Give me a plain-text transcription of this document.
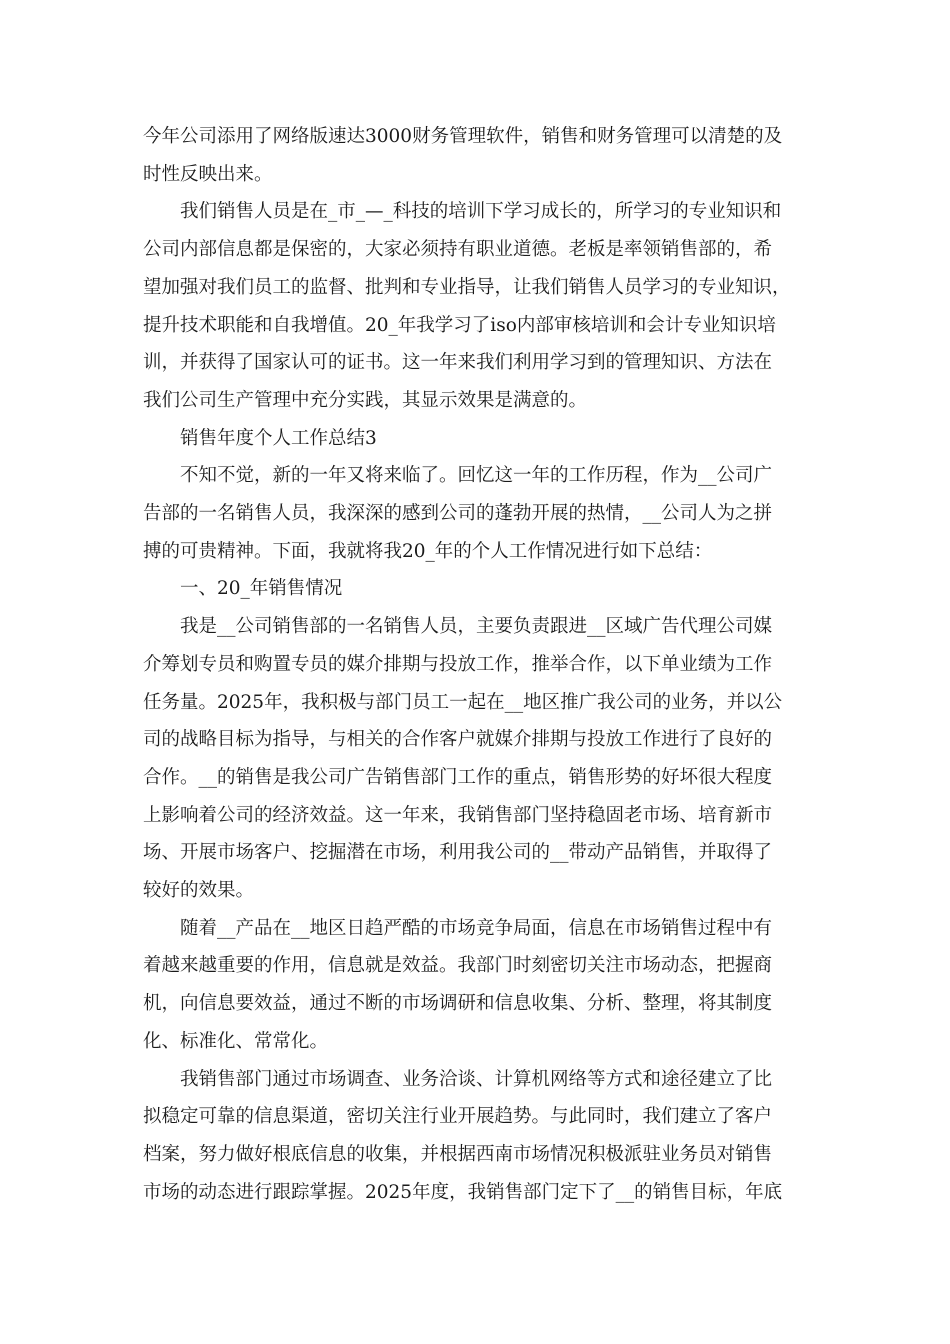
今年公司添用了网络版速达3000财务管理软件，销售和财务管理可以清楚的及
时性反映出来。
我们销售人员是在_市_—_科技的培训下学习成长的，所学习的专业知识和
公司内部信息都是保密的，大家必须持有职业道德。老板是率领销售部的，希
望加强对我们员工的监督、批判和专业指导，让我们销售人员学习的专业知识，
提升技术职能和自我增值。20_年我学习了iso内部审核培训和会计专业知识培
训，并获得了国家认可的证书。这一年来我们利用学习到的管理知识、方法在
我们公司生产管理中充分实践，其显示效果是满意的。
销售年度个人工作总结3
不知不觉，新的一年又将来临了。回忆这一年的工作历程，作为__公司广
告部的一名销售人员，我深深的感到公司的蓬勃开展的热情，__公司人为之拼
搏的可贵精神。下面，我就将我20_年的个人工作情况进行如下总结：
一、20_年销售情况
我是__公司销售部的一名销售人员，主要负责跟进__区域广告代理公司媒
介筹划专员和购置专员的媒介排期与投放工作，推举合作，以下单业绩为工作
任务量。2025年，我积极与部门员工一起在__地区推广我公司的业务，并以公
司的战略目标为指导，与相关的合作客户就媒介排期与投放工作进行了良好的
合作。__的销售是我公司广告销售部门工作的重点，销售形势的好坏很大程度
上影响着公司的经济效益。这一年来，我销售部门坚持稳固老市场、培育新市
场、开展市场客户、挖掘潜在市场，利用我公司的__带动产品销售，并取得了
较好的效果。
随着__产品在__地区日趋严酷的市场竞争局面，信息在市场销售过程中有
着越来越重要的作用，信息就是效益。我部门时刻密切关注市场动态，把握商
机，向信息要效益，通过不断的市场调研和信息收集、分析、整理，将其制度
化、标准化、常常化。
我销售部门通过市场调查、业务洽谈、计算机网络等方式和途径建立了比
拟稳定可靠的信息渠道，密切关注行业开展趋势。与此同时，我们建立了客户
档案，努力做好根底信息的收集，并根据西南市场情况积极派驻业务员对销售
市场的动态进行跟踪掌握。2025年度，我销售部门定下了__的销售目标，年底
